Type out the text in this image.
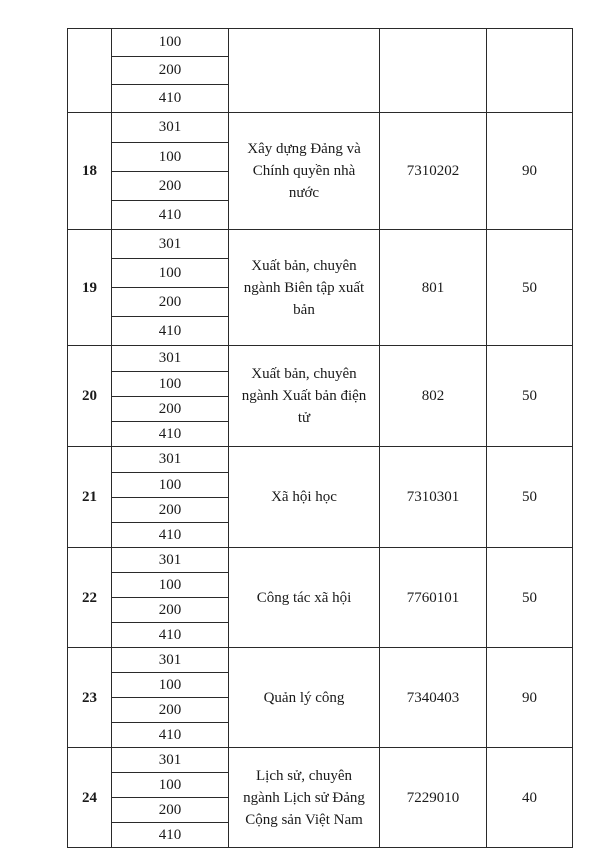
	100			
	200			
	410			
18	301	Xây dựng Đảng và
Chính quyền nhà
nước	7310202	90
	100			
	200			
	410			
19	301	Xuất bản, chuyên
ngành Biên tập xuất
bản	801	50
	100			
	200			
	410			
20	301	Xuất bản, chuyên
ngành Xuất bản điện
tử	802	50
	100			
	200			
	410			
21	301	Xã hội học	7310301	50
	100			
	200			
	410			
22	301	Công tác xã hội	7760101	50
	100			
	200			
	410			
23	301	Quản lý công	7340403	90
	100			
	200			
	410			
24	301	Lịch sử, chuyên
ngành Lịch sử Đảng
Cộng sản Việt Nam	7229010	40
	100			
	200			
	410			
